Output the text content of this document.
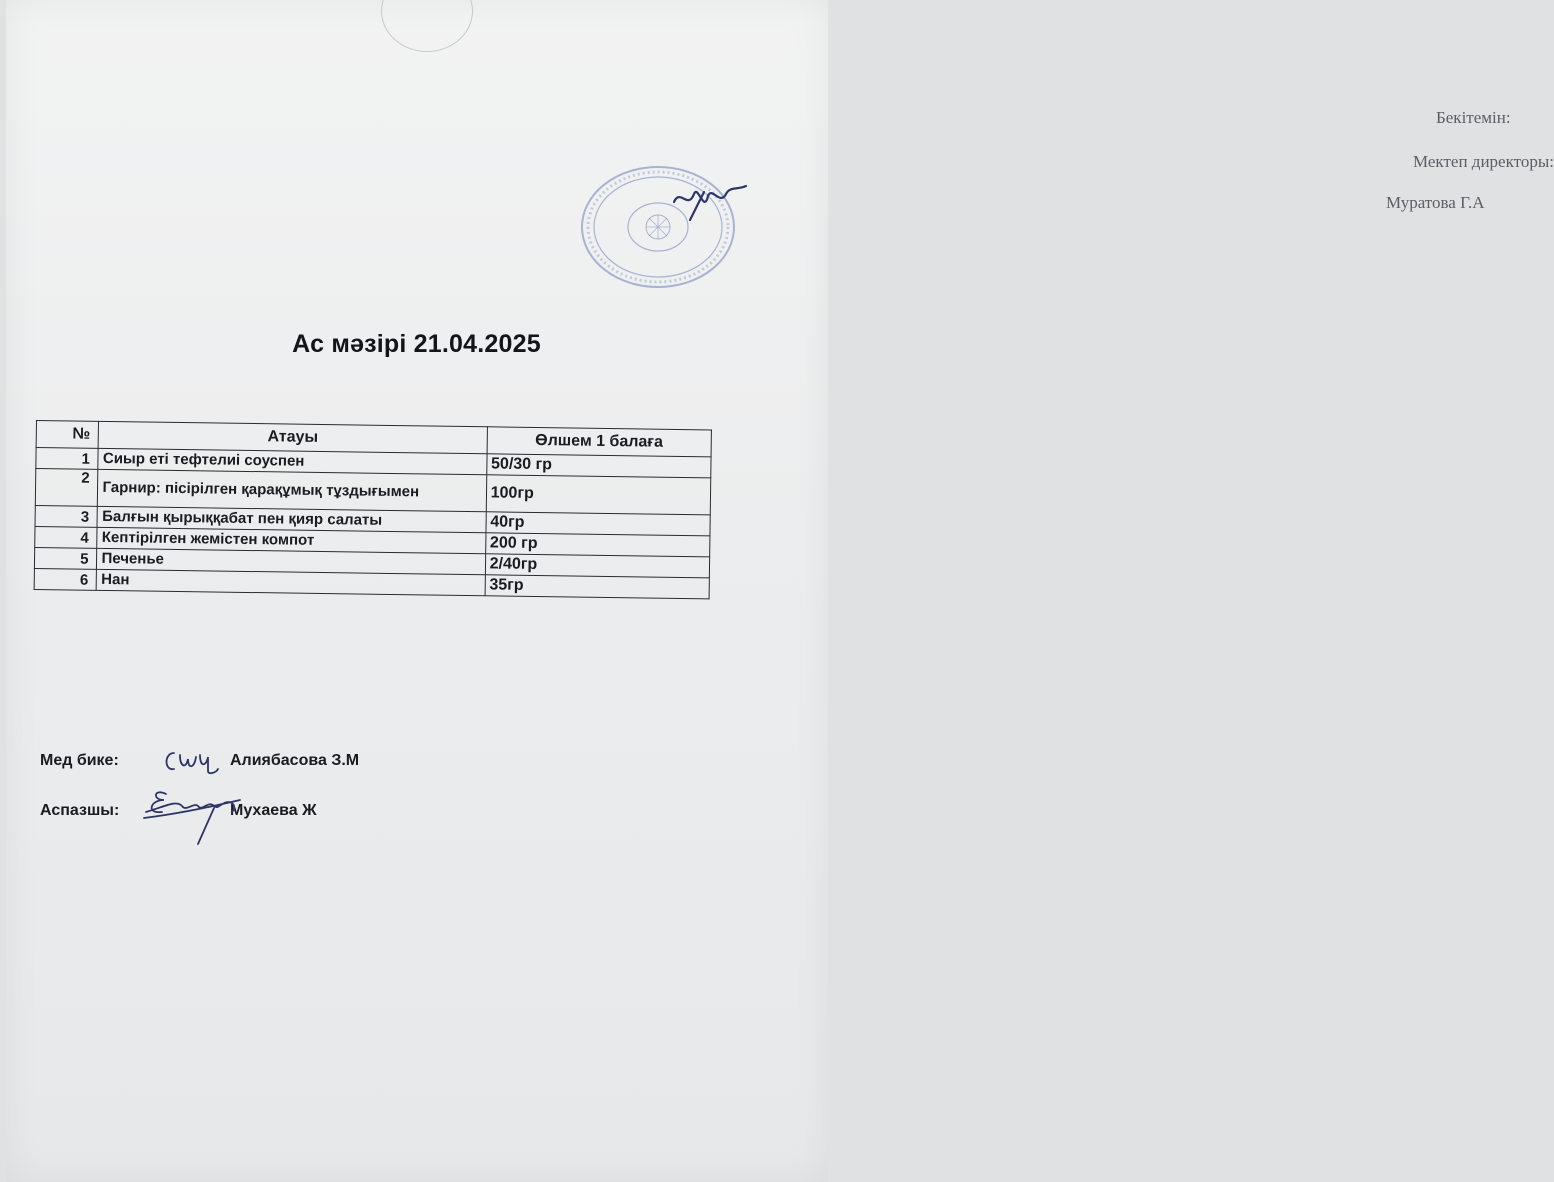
Бекітемін:
Мектеп директоры:
Муратова Г.А
Ас мәзірі 21.04.2025
№	Атауы	Өлшем 1 балаға
1	Сиыр еті тефтелиі соуспен	50/30 гр
2	Гарнир: пісірілген қарақұмық тұздығымен	100гр
3	Балғын қырыққабат пен қияр салаты	40гр
4	Кептірілген жемістен компот	200 гр
5	Печенье	2/40гр
6	Нан	35гр
Мед бике:	Алиябасова З.М
Аспазшы:	Мухаева Ж
